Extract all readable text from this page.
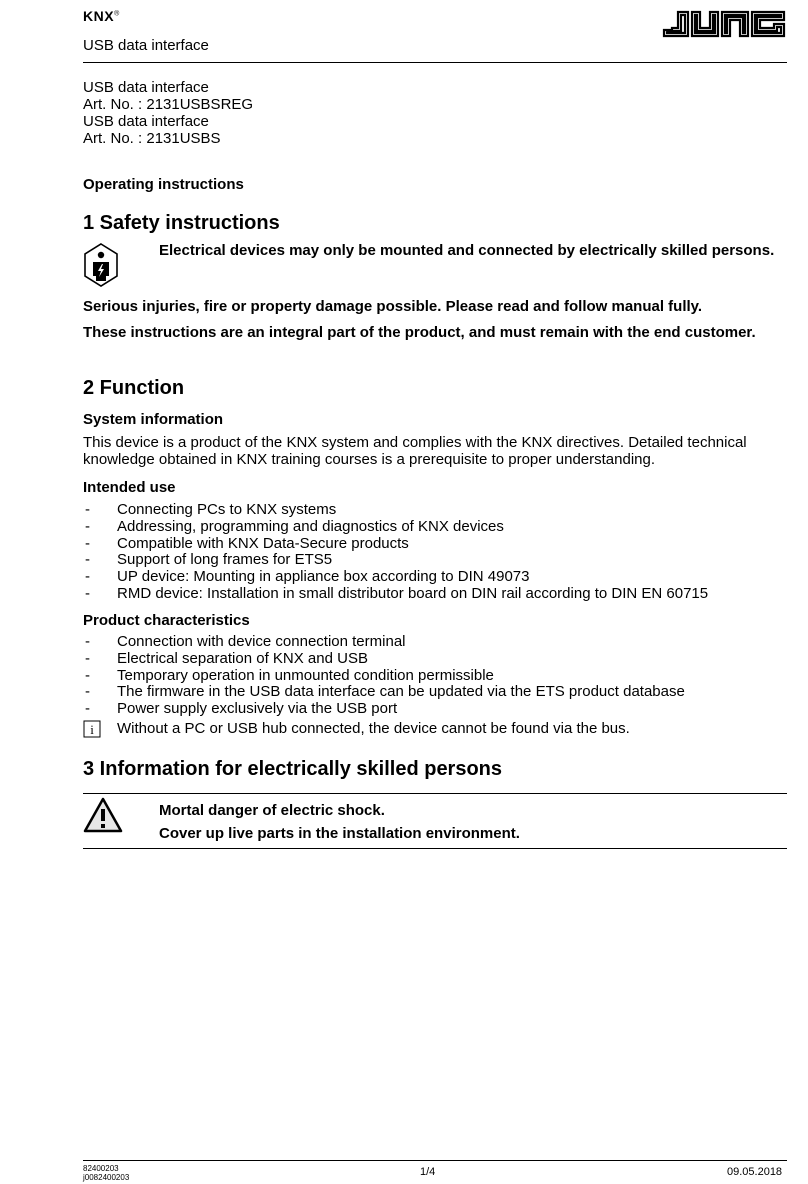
KNX®
USB data interface
USB data interface
Art. No. : 2131USBSREG
USB data interface
Art. No. : 2131USBS
Operating instructions
1 Safety instructions
Electrical devices may only be mounted and connected by electrically skilled persons.
Serious injuries, fire or property damage possible. Please read and follow manual fully.
These instructions are an integral part of the product, and must remain with the end customer.
2 Function
System information
This device is a product of the KNX system and complies with the KNX directives. Detailed technical knowledge obtained in KNX training courses is a prerequisite to proper understanding.
Intended use
- Connecting PCs to KNX systems
- Addressing, programming and diagnostics of KNX devices
- Compatible with KNX Data-Secure products
- Support of long frames for ETS5
- UP device: Mounting in appliance box according to DIN 49073
- RMD device: Installation in small distributor board on DIN rail according to DIN EN 60715
Product characteristics
- Connection with device connection terminal
- Electrical separation of KNX and USB
- Temporary operation in unmounted condition permissible
- The firmware in the USB data interface can be updated via the ETS product database
- Power supply exclusively via the USB port
i Without a PC or USB hub connected, the device cannot be found via the bus.
3 Information for electrically skilled persons
Mortal danger of electric shock.
Cover up live parts in the installation environment.
82400203
j0082400203	1/4	09.05.2018
